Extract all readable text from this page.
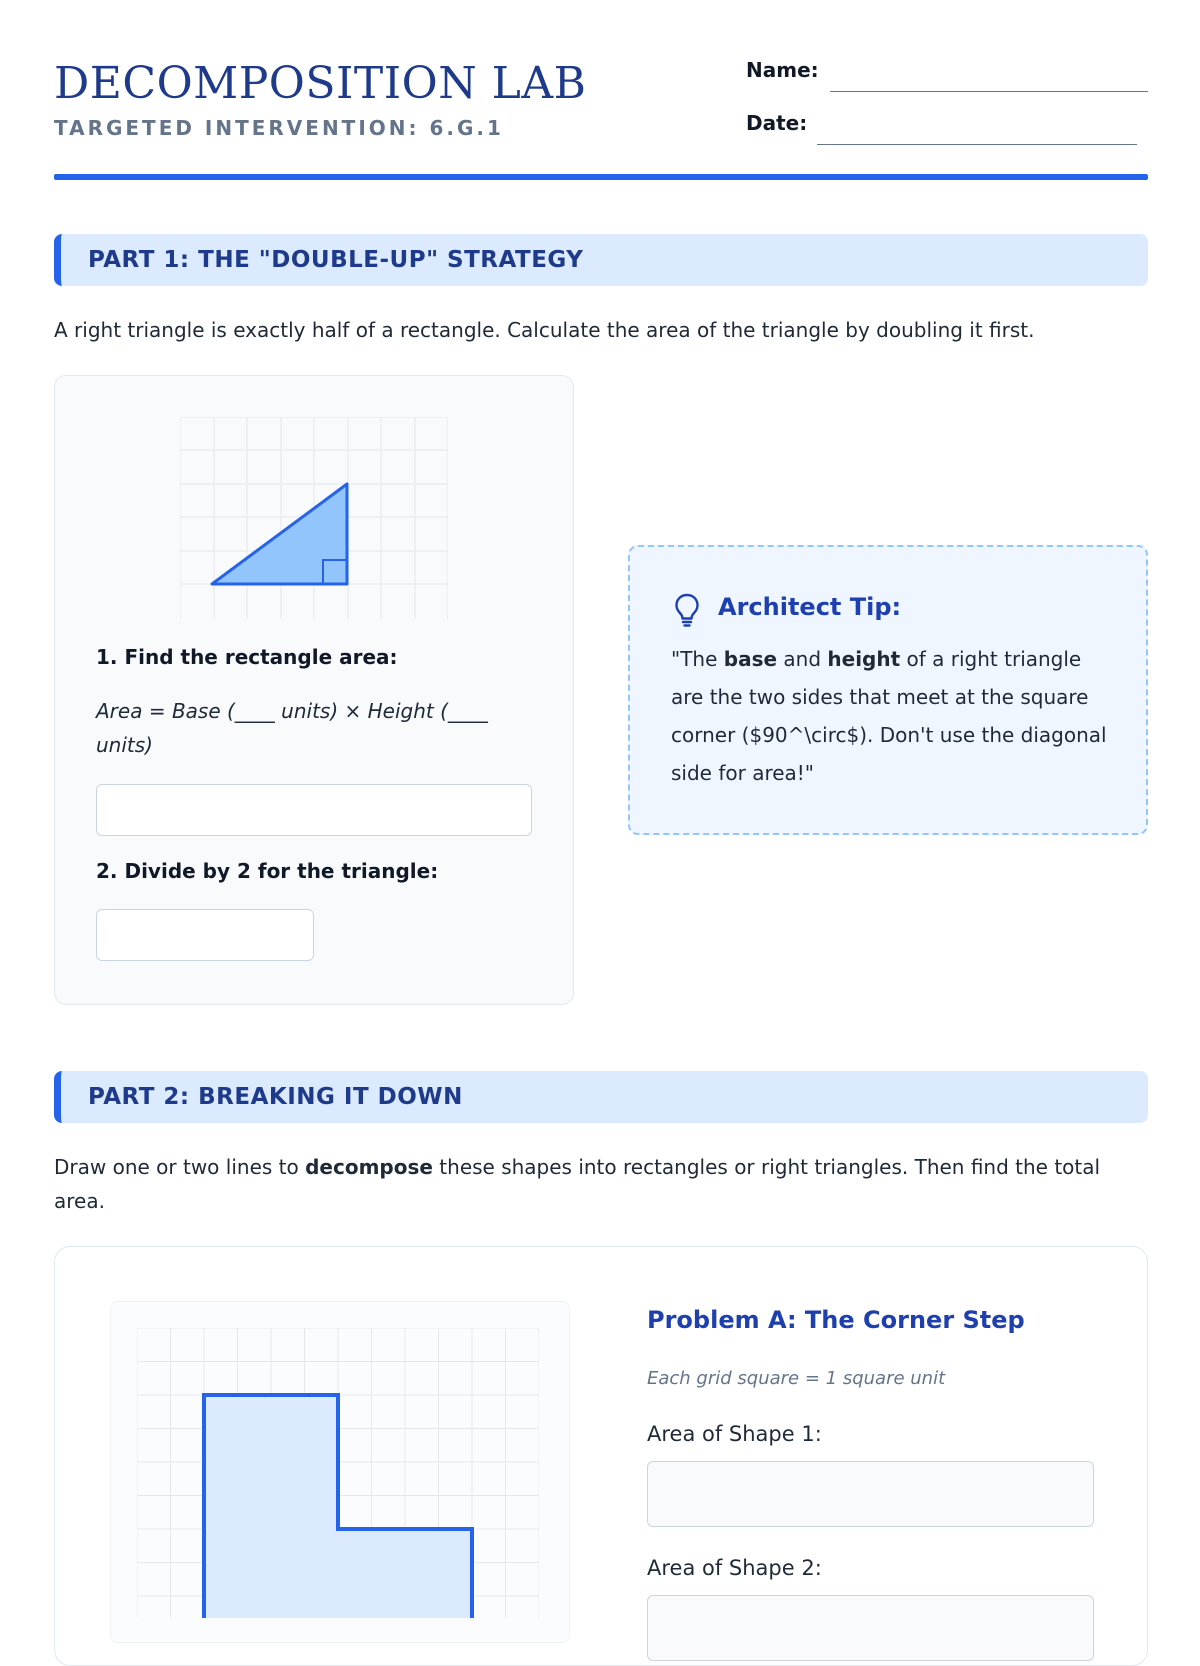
DECOMPOSITION LAB
TARGETED INTERVENTION: 6.G.1
Name:
Date:
PART 1: THE "DOUBLE-UP" STRATEGY
A right triangle is exactly half of a rectangle. Calculate the area of the triangle by doubling it first.
1. Find the rectangle area:
Area = Base (____ units) × Height (____ units)
2. Divide by 2 for the triangle:
Architect Tip:
"The base and height of a right triangle are the two sides that meet at the square corner ($90^\circ$). Don't use the diagonal side for area!"
PART 2: BREAKING IT DOWN
Draw one or two lines to decompose these shapes into rectangles or right triangles. Then find the total area.
Problem A: The Corner Step
Each grid square = 1 square unit
Area of Shape 1:
Area of Shape 2:
